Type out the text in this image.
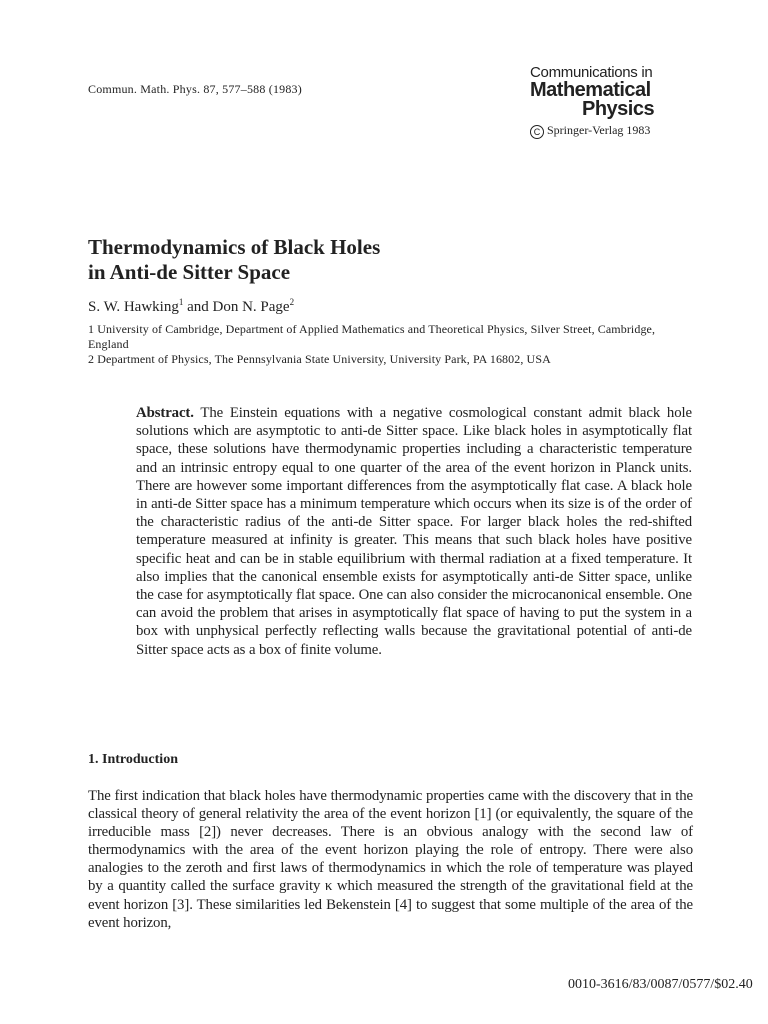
Commun. Math. Phys. 87, 577–588 (1983)
Communications in
Mathematical
Physics
C Springer-Verlag 1983
Thermodynamics of Black Holes
in Anti-de Sitter Space
S. W. Hawking$^1$ and Don N. Page$^2$
1 University of Cambridge, Department of Applied Mathematics and Theoretical Physics, Silver Street, Cambridge, England
2 Department of Physics, The Pennsylvania State University, University Park, PA 16802, USA
Abstract. The Einstein equations with a negative cosmological constant admit black hole solutions which are asymptotic to anti-de Sitter space. Like black holes in asymptotically flat space, these solutions have thermodynamic properties including a characteristic temperature and an intrinsic entropy equal to one quarter of the area of the event horizon in Planck units. There are however some important differences from the asymptotically flat case. A black hole in anti-de Sitter space has a minimum temperature which occurs when its size is of the order of the characteristic radius of the anti-de Sitter space. For larger black holes the red-shifted temperature measured at infinity is greater. This means that such black holes have positive specific heat and can be in stable equilibrium with thermal radiation at a fixed temperature. It also implies that the canonical ensemble exists for asymptotically anti-de Sitter space, unlike the case for asymptotically flat space. One can also consider the microcanonical ensemble. One can avoid the problem that arises in asymptotically flat space of having to put the system in a box with unphysical perfectly reflecting walls because the gravitational potential of anti-de Sitter space acts as a box of finite volume.
1. Introduction
The first indication that black holes have thermodynamic properties came with the discovery that in the classical theory of general relativity the area of the event horizon [1] (or equivalently, the square of the irreducible mass [2]) never decreases. There is an obvious analogy with the second law of thermodynamics with the area of the event horizon playing the role of entropy. There were also analogies to the zeroth and first laws of thermodynamics in which the role of temperature was played by a quantity called the surface gravity κ which measured the strength of the gravitational field at the event horizon [3]. These similarities led Bekenstein [4] to suggest that some multiple of the area of the event horizon,
0010-3616/83/0087/0577/$02.40
